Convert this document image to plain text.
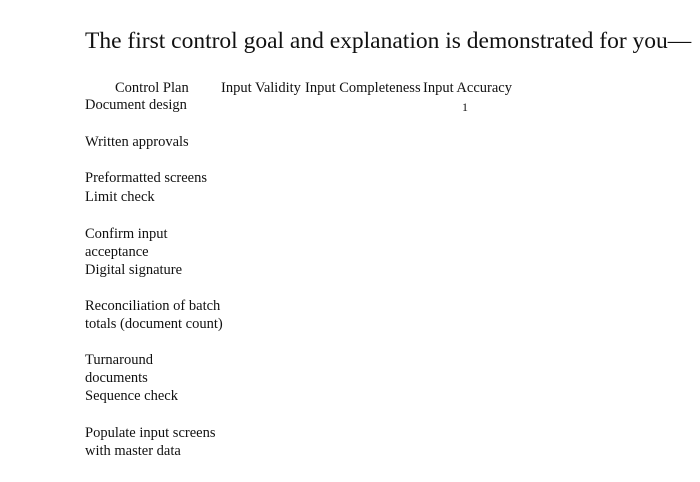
The first control goal and explanation is demonstrated for you—
Control Plan Input Validity Input Completeness Input Accuracy
Document design	1
Written approvals
Preformatted screens
Limit check
Confirm input acceptance
Digital signature
Reconciliation of batch totals (document count)
Turnaround documents
Sequence check
Populate input screens with master data
